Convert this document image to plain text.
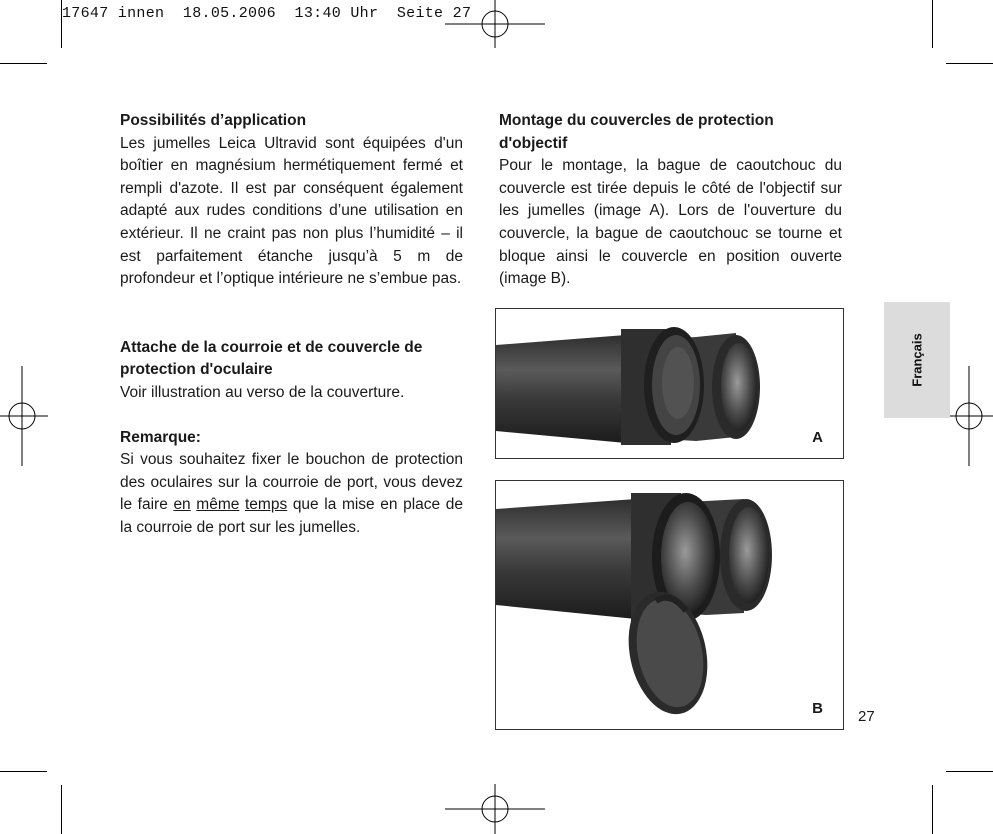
17647 innen  18.05.2006  13:40 Uhr  Seite 27

Possibilités d’application

Les jumelles Leica Ultravid sont équipées d'un boîtier en magnésium hermétiquement fermé et rempli d'azote. Il est par conséquent également adapté aux rudes conditions d’une utilisation en extérieur. Il ne craint pas non plus l’humidité – il est parfaitement étanche jusqu’à 5 m de profondeur et l’optique intérieure ne s’embue pas.

Attache de la courroie et de couvercle de protection d'oculaire

Voir illustration au verso de la couverture.

Remarque:

Si vous souhaitez fixer le bouchon de protection des oculaires sur la courroie de port, vous devez le faire en même temps que la mise en place de la courroie de port sur les jumelles.

Montage du couvercles de protection d'objectif

Pour le montage, la bague de caoutchouc du couvercle est tirée depuis le côté de l'objectif sur les jumelles (image A). Lors de l'ouverture du couvercle, la bague de caoutchouc se tourne et bloque ainsi le couvercle en position ouverte (image B).

A
B
Français
27
